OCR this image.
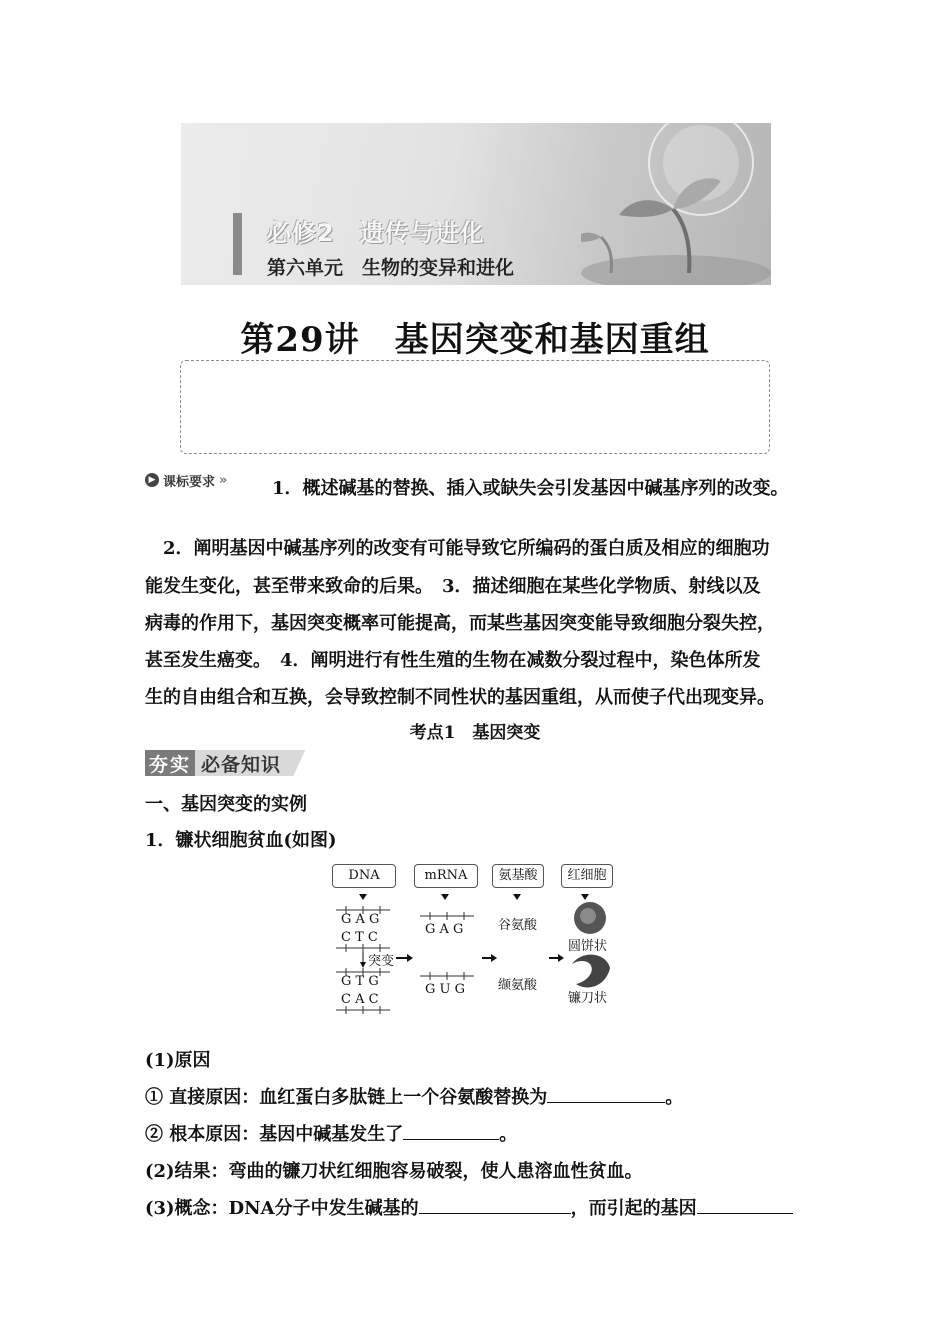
必修2　遗传与进化
第六单元　生物的变异和进化
第29讲　基因突变和基因重组
▶ 课标要求 » 1．概述碱基的替换、插入或缺失会引发基因中碱基序列的改变。
2．阐明基因中碱基序列的改变有可能导致它所编码的蛋白质及相应的细胞功
能发生变化，甚至带来致命的后果。　3．描述细胞在某些化学物质、射线以及
病毒的作用下，基因突变概率可能提高，而某些基因突变能导致细胞分裂失控，
甚至发生癌变。　4．阐明进行有性生殖的生物在减数分裂过程中，染色体所发
生的自由组合和互换，会导致控制不同性状的基因重组，从而使子代出现变异。
考点1　基因突变
夯实 必备知识
一、基因突变的实例
1．镰状细胞贫血(如图)
DNA	mRNA	氨基酸	红细胞
G A G
C T C
突变
G T G
C A C
G A G
G U G
谷氨酸
缬氨酸
圆饼状
镰刀状
(1)原因
① 直接原因：血红蛋白多肽链上一个谷氨酸替换为	。
② 根本原因：基因中碱基发生了	。
(2)结果：弯曲的镰刀状红细胞容易破裂，使人患溶血性贫血。
(3)概念：DNA分子中发生碱基的	，而引起的基因
